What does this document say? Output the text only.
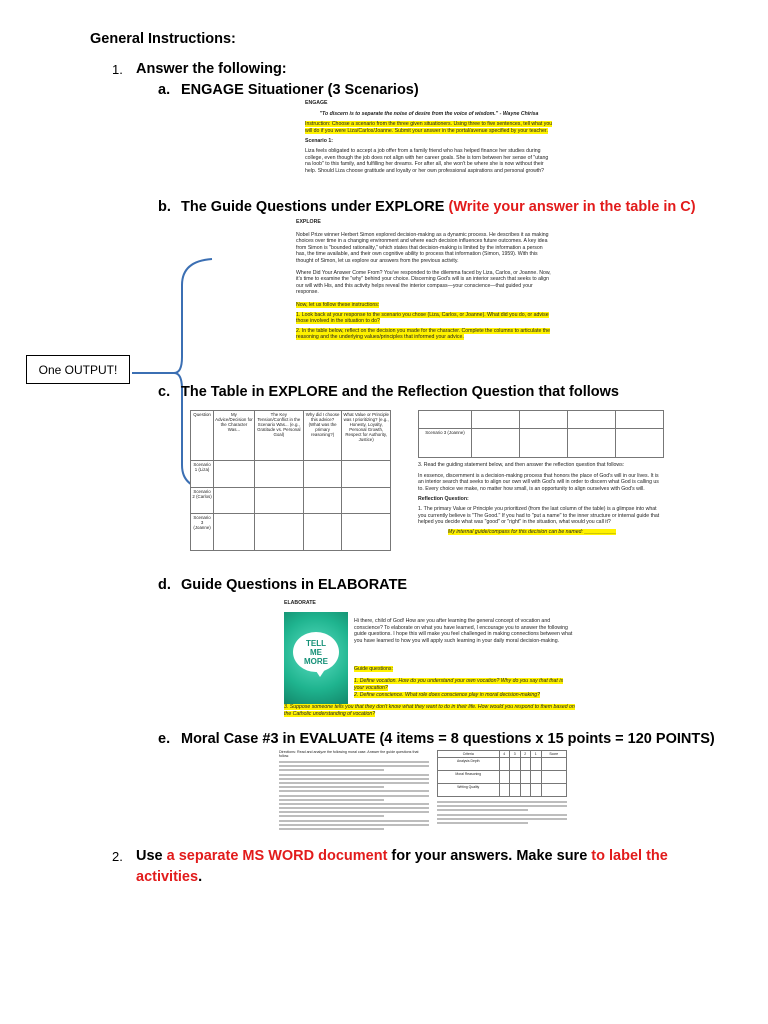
General Instructions:
1. Answer the following:
a. ENGAGE Situationer (3 Scenarios)
ENGAGE
"To discern is to separate the noise of desire from the voice of wisdom." - Wayne Chirisa
Instruction: Choose a scenario from the three given situationers. Using three to five sentences, tell what you will do if you were Liza/Carlos/Joanne. Submit your answer in the portal/avenue specified by your teacher.
Scenario 1:
Liza feels obligated to accept a job offer from a family friend who has helped finance her studies during college, even though the job does not align with her career goals. She is torn between her sense of "utang na loob" to this family, and fulfilling her dreams. For after all, she won't be where she is now without their help. Should Liza choose gratitude and loyalty or her own professional aspirations and personal growth?
b. The Guide Questions under EXPLORE (Write your answer in the table in C)
EXPLORE
Nobel Prize winner Herbert Simon explored decision-making as a dynamic process. He describes it as making choices over time in a changing environment and where each decision influences future outcomes. A key idea from Simon is "bounded rationality," which states that decision-making is limited by the information a person has, the time available, and their own cognitive ability to process that information (Simon, 1959). With this thought of Simon, let us explore our answers from the previous activity.
Where Did Your Answer Come From? You've responded to the dilemma faced by Liza, Carlos, or Joanne. Now, it's time to examine the "why" behind your choice. Discerning God's will is an interior search that seeks to align our will with His, and this activity helps reveal the interior compass—your conscience—that guided your response.
Now, let us follow these instructions:
1. Look back at your response to the scenario you chose (Liza, Carlos, or Joanne). What did you do, or advise those involved in the situation to do?
2. In the table below, reflect on the decision you made for the character. Complete the columns to articulate the reasoning and the underlying values/principles that informed your advice.
One OUTPUT!
c. The Table in EXPLORE and the Reflection Question that follows
Question	My Advice/Decision for the Character Was...	The Key Tension/Conflict in the Scenario Was... (e.g., Gratitude vs. Personal Goal)	Why did I choose this advice? (What was the primary reasoning?)	What Value or Principle was I prioritizing? (e.g., Honesty, Loyalty, Personal Growth, Respect for Authority, Justice)
Scenario 1 (Liza)				
Scenario 2 (Carlos)				
Scenario 3 (Joanne)				

Scenario 3 (Joanne)				
3. Read the guiding statement below, and then answer the reflection question that follows:
In essence, discernment is a decision-making process that honors the place of God's will in our lives. It is an interior search that seeks to align our own will with God's will in order to discern what God is calling us to. Every choice we make, no matter how small, is an opportunity to align ourselves with God's will.
Reflection Question:
1. The primary Value or Principle you prioritized (from the last column of the table) is a glimpse into what you currently believe is "The Good." If you had to "put a name" to the inner structure or internal guide that helped you decide what was "good" or "right" in the situation, what would you call it?
My internal guide/compass for this decision can be named: ___________
d. Guide Questions in ELABORATE
ELABORATE
TELL ME MORE
Hi there, child of God! How are you after learning the general concept of vocation and conscience? To elaborate on what you have learned, I encourage you to answer the following guide questions. I hope this will make you feel challenged in making connections between what you have learned to how you will apply such learning in your daily moral decision-making.
Guide questions:
1. Define vocation. How do you understand your own vocation? Why do you say that that is your vocation?
2. Define conscience. What role does conscience play in moral decision-making?
3. Suppose someone tells you that they don't know what they want to do in their life. How would you respond to them based on the Catholic understanding of vocation?
e. Moral Case #3 in EVALUATE (4 items = 8 questions x 15 points = 120 POINTS)
Directions: Read and analyze the following moral case. Answer the guide questions that follow.
Criteria	4	3	2	1	Score
Analysis Depth					
Moral Reasoning					
Writing Quality					
2. Use a separate MS WORD document for your answers. Make sure to label the
activities.
